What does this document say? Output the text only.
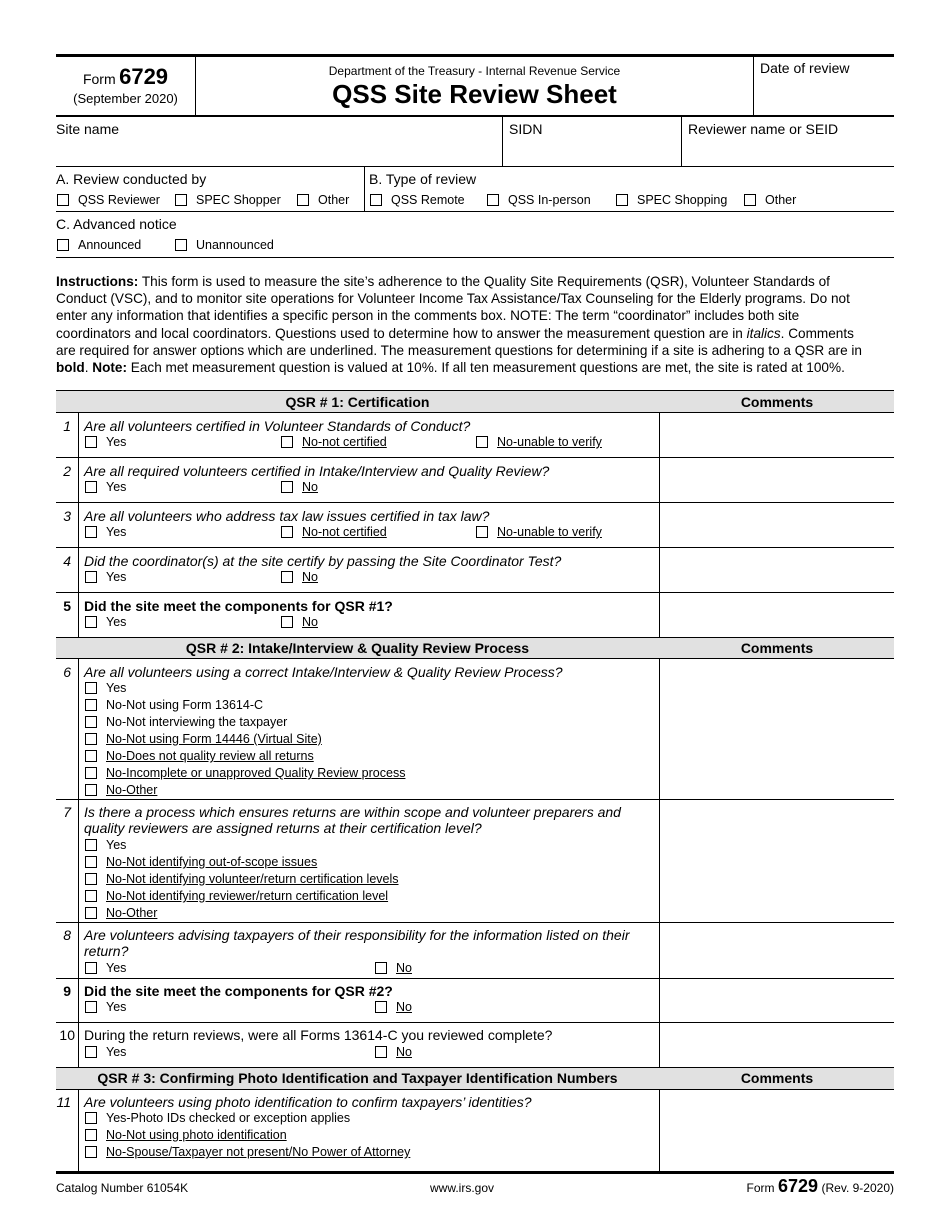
Form 6729
(September 2020)
Department of the Treasury - Internal Revenue Service
QSS Site Review Sheet
Date of review
Site name	SIDN	Reviewer name or SEID
A. Review conducted by	B. Type of review
QSS Reviewer	SPEC Shopper	Other	QSS Remote	QSS In-person	SPEC Shopping	Other
C. Advanced notice
Announced	Unannounced
Instructions: This form is used to measure the site’s adherence to the Quality Site Requirements (QSR), Volunteer Standards of
Conduct (VSC), and to monitor site operations for Volunteer Income Tax Assistance/Tax Counseling for the Elderly programs. Do not
enter any information that identifies a specific person in the comments box. NOTE: The term “coordinator” includes both site
coordinators and local coordinators. Questions used to determine how to answer the measurement question are in italics. Comments
are required for answer options which are underlined. The measurement questions for determining if a site is adhering to a QSR are in
bold. Note: Each met measurement question is valued at 10%. If all ten measurement questions are met, the site is rated at 100%.
QSR # 1: Certification	Comments
1 Are all volunteers certified in Volunteer Standards of Conduct?
Yes	No-not certified	No-unable to verify
2 Are all required volunteers certified in Intake/Interview and Quality Review?
Yes	No
3 Are all volunteers who address tax law issues certified in tax law?
Yes	No-not certified	No-unable to verify
4 Did the coordinator(s) at the site certify by passing the Site Coordinator Test?
Yes	No
5 Did the site meet the components for QSR #1?
Yes	No
QSR # 2: Intake/Interview & Quality Review Process	Comments
6 Are all volunteers using a correct Intake/Interview & Quality Review Process?
Yes
No-Not using Form 13614-C
No-Not interviewing the taxpayer
No-Not using Form 14446 (Virtual Site)
No-Does not quality review all returns
No-Incomplete or unapproved Quality Review process
No-Other
7 Is there a process which ensures returns are within scope and volunteer preparers and
quality reviewers are assigned returns at their certification level?
Yes
No-Not identifying out-of-scope issues
No-Not identifying volunteer/return certification levels
No-Not identifying reviewer/return certification level
No-Other
8 Are volunteers advising taxpayers of their responsibility for the information listed on their
return?
Yes	No
9 Did the site meet the components for QSR #2?
Yes	No
10 During the return reviews, were all Forms 13614-C you reviewed complete?
Yes	No
QSR # 3: Confirming Photo Identification and Taxpayer Identification Numbers	Comments
11 Are volunteers using photo identification to confirm taxpayers’ identities?
Yes-Photo IDs checked or exception applies
No-Not using photo identification
No-Spouse/Taxpayer not present/No Power of Attorney
Catalog Number 61054K	www.irs.gov	Form 6729 (Rev. 9-2020)
